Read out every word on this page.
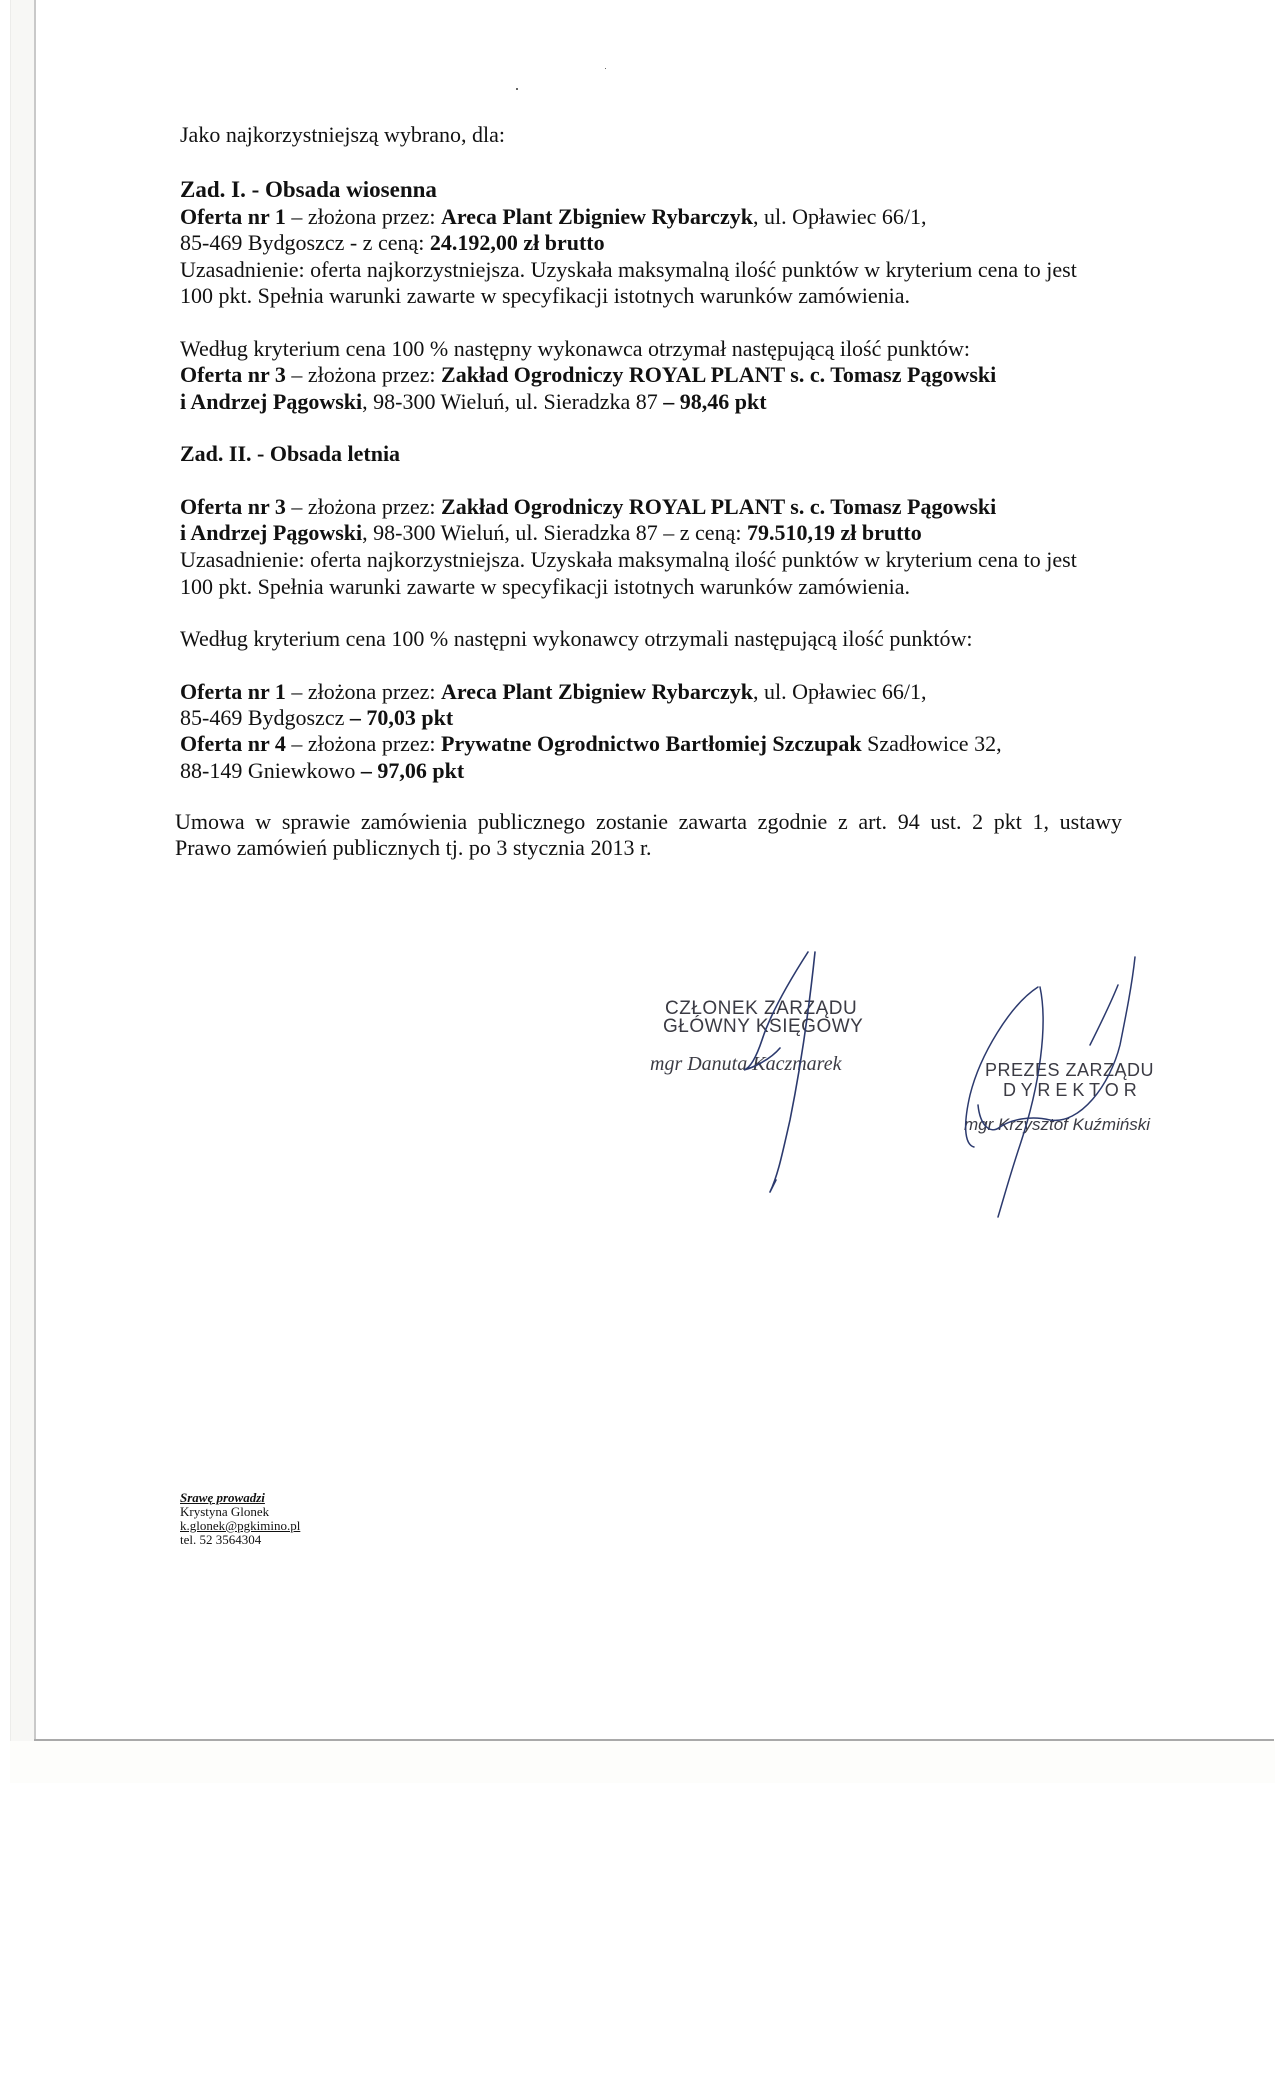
Jako najkorzystniejszą wybrano, dla:
Zad. I. - Obsada wiosenna
Oferta nr 1 – złożona przez: Areca Plant Zbigniew Rybarczyk, ul. Opławiec 66/1,
85-469 Bydgoszcz - z ceną: 24.192,00 zł brutto
Uzasadnienie: oferta najkorzystniejsza. Uzyskała maksymalną ilość punktów w kryterium cena to jest
100 pkt. Spełnia warunki zawarte w specyfikacji istotnych warunków zamówienia.
Według kryterium cena 100 % następny wykonawca otrzymał następującą ilość punktów:
Oferta nr 3 – złożona przez: Zakład Ogrodniczy ROYAL PLANT s. c. Tomasz Pągowski
i Andrzej Pągowski, 98-300 Wieluń, ul. Sieradzka 87 – 98,46 pkt
Zad. II. - Obsada letnia
Oferta nr 3 – złożona przez: Zakład Ogrodniczy ROYAL PLANT s. c. Tomasz Pągowski
i Andrzej Pągowski, 98-300 Wieluń, ul. Sieradzka 87 – z ceną: 79.510,19 zł brutto
Uzasadnienie: oferta najkorzystniejsza. Uzyskała maksymalną ilość punktów w kryterium cena to jest
100 pkt. Spełnia warunki zawarte w specyfikacji istotnych warunków zamówienia.
Według kryterium cena 100 % następni wykonawcy otrzymali następującą ilość punktów:
Oferta nr 1 – złożona przez: Areca Plant Zbigniew Rybarczyk, ul. Opławiec 66/1,
85-469 Bydgoszcz – 70,03 pkt
Oferta nr 4 – złożona przez: Prywatne Ogrodnictwo Bartłomiej Szczupak Szadłowice 32,
88-149 Gniewkowo – 97,06 pkt
Umowa w sprawie zamówienia publicznego zostanie zawarta zgodnie z art. 94 ust. 2 pkt 1, ustawy
Prawo zamówień publicznych tj. po 3 stycznia 2013 r.
CZŁONEK ZARZĄDU
GŁÓWNY KSIĘGOWY
mgr Danuta Kaczmarek	PREZES ZARZĄDU
D Y R E K T O R
mgr Krzysztof Kuźmiński
Srawę prowadzi
Krystyna Glonek
k.glonek@pgkimino.pl
tel. 52 3564304
